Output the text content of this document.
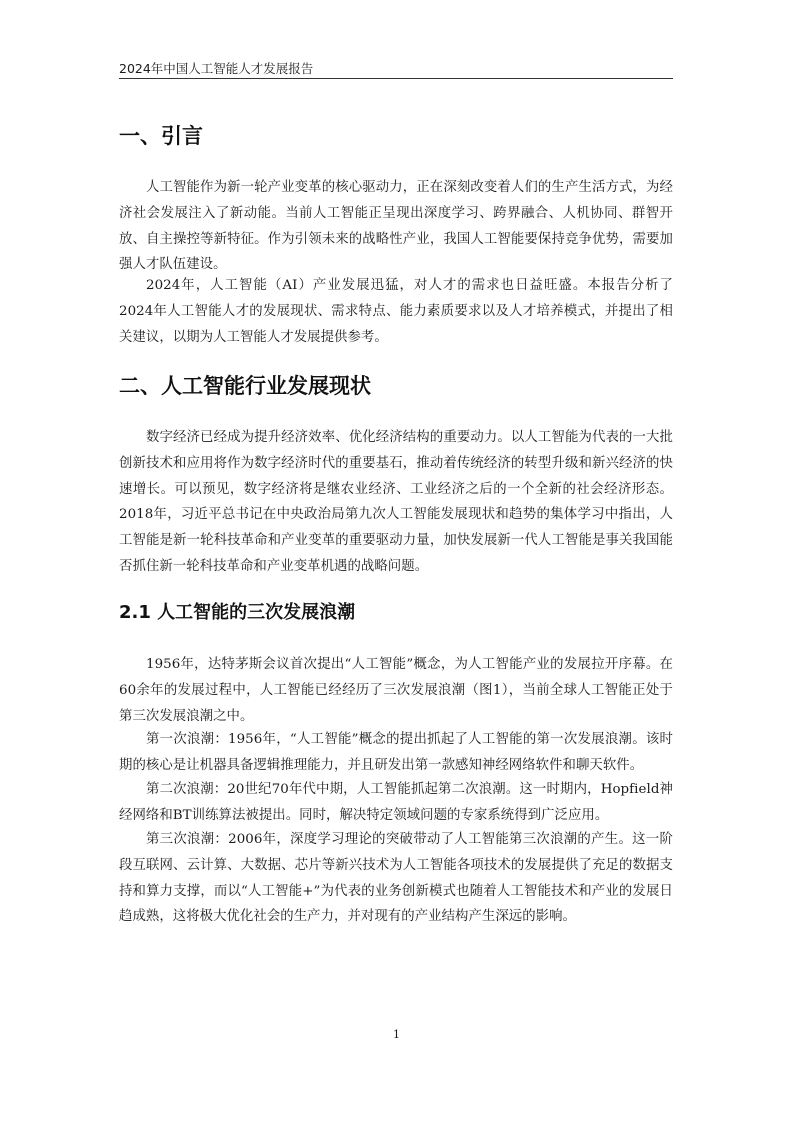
2024年中国人工智能人才发展报告
一、引言

人工智能作为新一轮产业变革的核心驱动力，正在深刻改变着人们的生产生活方式，为经济社会发展注入了新动能。当前人工智能正呈现出深度学习、跨界融合、人机协同、群智开放、自主操控等新特征。作为引领未来的战略性产业，我国人工智能要保持竞争优势，需要加强人才队伍建设。

2024年，人工智能（AI）产业发展迅猛，对人才的需求也日益旺盛。本报告分析了2024年人工智能人才的发展现状、需求特点、能力素质要求以及人才培养模式，并提出了相关建议，以期为人工智能人才发展提供参考。

二、人工智能行业发展现状

数字经济已经成为提升经济效率、优化经济结构的重要动力。以人工智能为代表的一大批创新技术和应用将作为数字经济时代的重要基石，推动着传统经济的转型升级和新兴经济的快速增长。可以预见，数字经济将是继农业经济、工业经济之后的一个全新的社会经济形态。2018年，习近平总书记在中央政治局第九次人工智能发展现状和趋势的集体学习中指出，人工智能是新一轮科技革命和产业变革的重要驱动力量，加快发展新一代人工智能是事关我国能否抓住新一轮科技革命和产业变革机遇的战略问题。

2.1 人工智能的三次发展浪潮

1956年，达特茅斯会议首次提出“人工智能”概念，为人工智能产业的发展拉开序幕。在60余年的发展过程中，人工智能已经经历了三次发展浪潮（图1），当前全球人工智能正处于第三次发展浪潮之中。

第一次浪潮：1956年，“人工智能”概念的提出抓起了人工智能的第一次发展浪潮。该时期的核心是让机器具备逻辑推理能力，并且研发出第一款感知神经网络软件和聊天软件。

第二次浪潮：20世纪70年代中期，人工智能抓起第二次浪潮。这一时期内，Hopfield神经网络和BT训练算法被提出。同时，解决特定领域问题的专家系统得到广泛应用。

第三次浪潮：2006年，深度学习理论的突破带动了人工智能第三次浪潮的产生。这一阶段互联网、云计算、大数据、芯片等新兴技术为人工智能各项技术的发展提供了充足的数据支持和算力支撑，而以“人工智能+”为代表的业务创新模式也随着人工智能技术和产业的发展日趋成熟，这将极大优化社会的生产力，并对现有的产业结构产生深远的影响。

1
